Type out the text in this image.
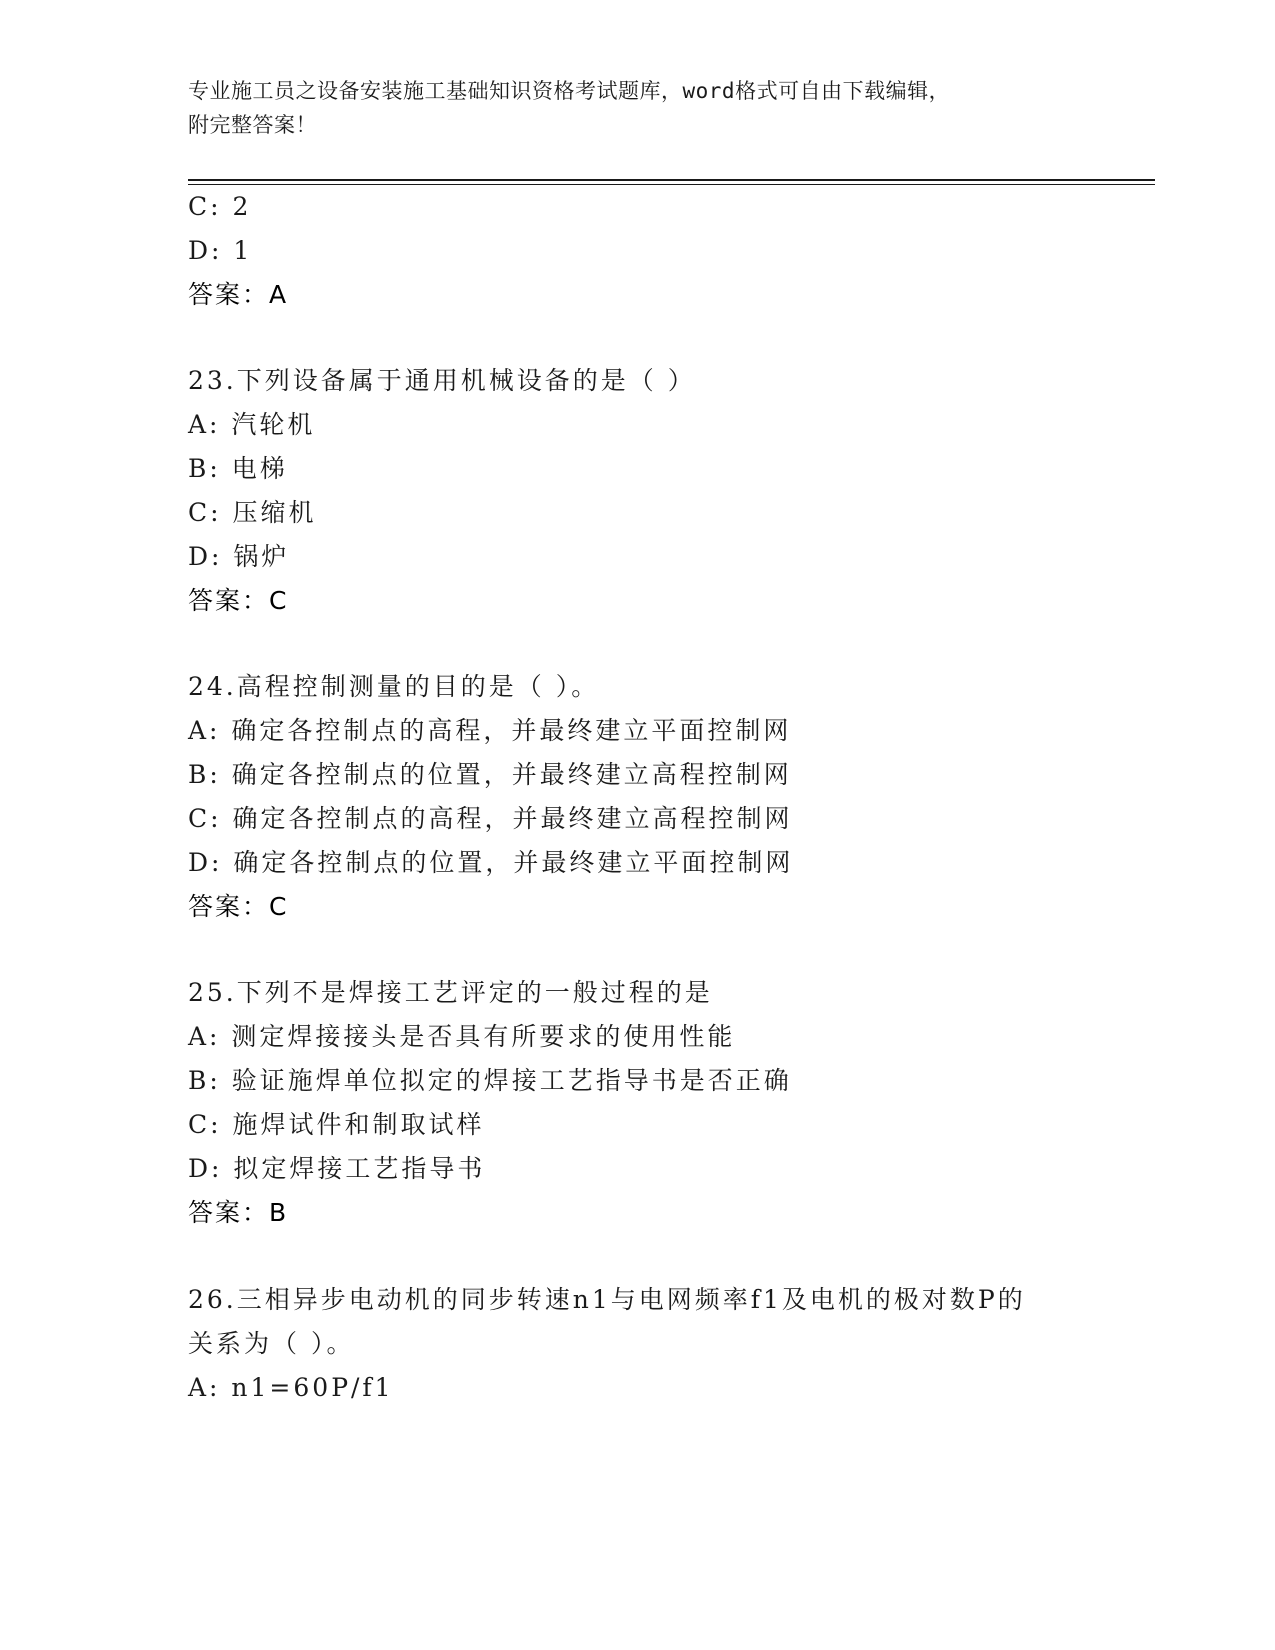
专业施工员之设备安装施工基础知识资格考试题库，word格式可自由下载编辑，
附完整答案！
C: 2
D: 1
答案：A
23.下列设备属于通用机械设备的是（ ）
A: 汽轮机
B: 电梯
C: 压缩机
D: 锅炉
答案：C
24.高程控制测量的目的是（ ）。
A: 确定各控制点的高程，并最终建立平面控制网
B: 确定各控制点的位置，并最终建立高程控制网
C: 确定各控制点的高程，并最终建立高程控制网
D: 确定各控制点的位置，并最终建立平面控制网
答案：C
25.下列不是焊接工艺评定的一般过程的是
A: 测定焊接接头是否具有所要求的使用性能
B: 验证施焊单位拟定的焊接工艺指导书是否正确
C: 施焊试件和制取试样
D: 拟定焊接工艺指导书
答案：B
26.三相异步电动机的同步转速n1与电网频率f1及电机的极对数P的
关系为（ ）。
A: n1=60P/f1
